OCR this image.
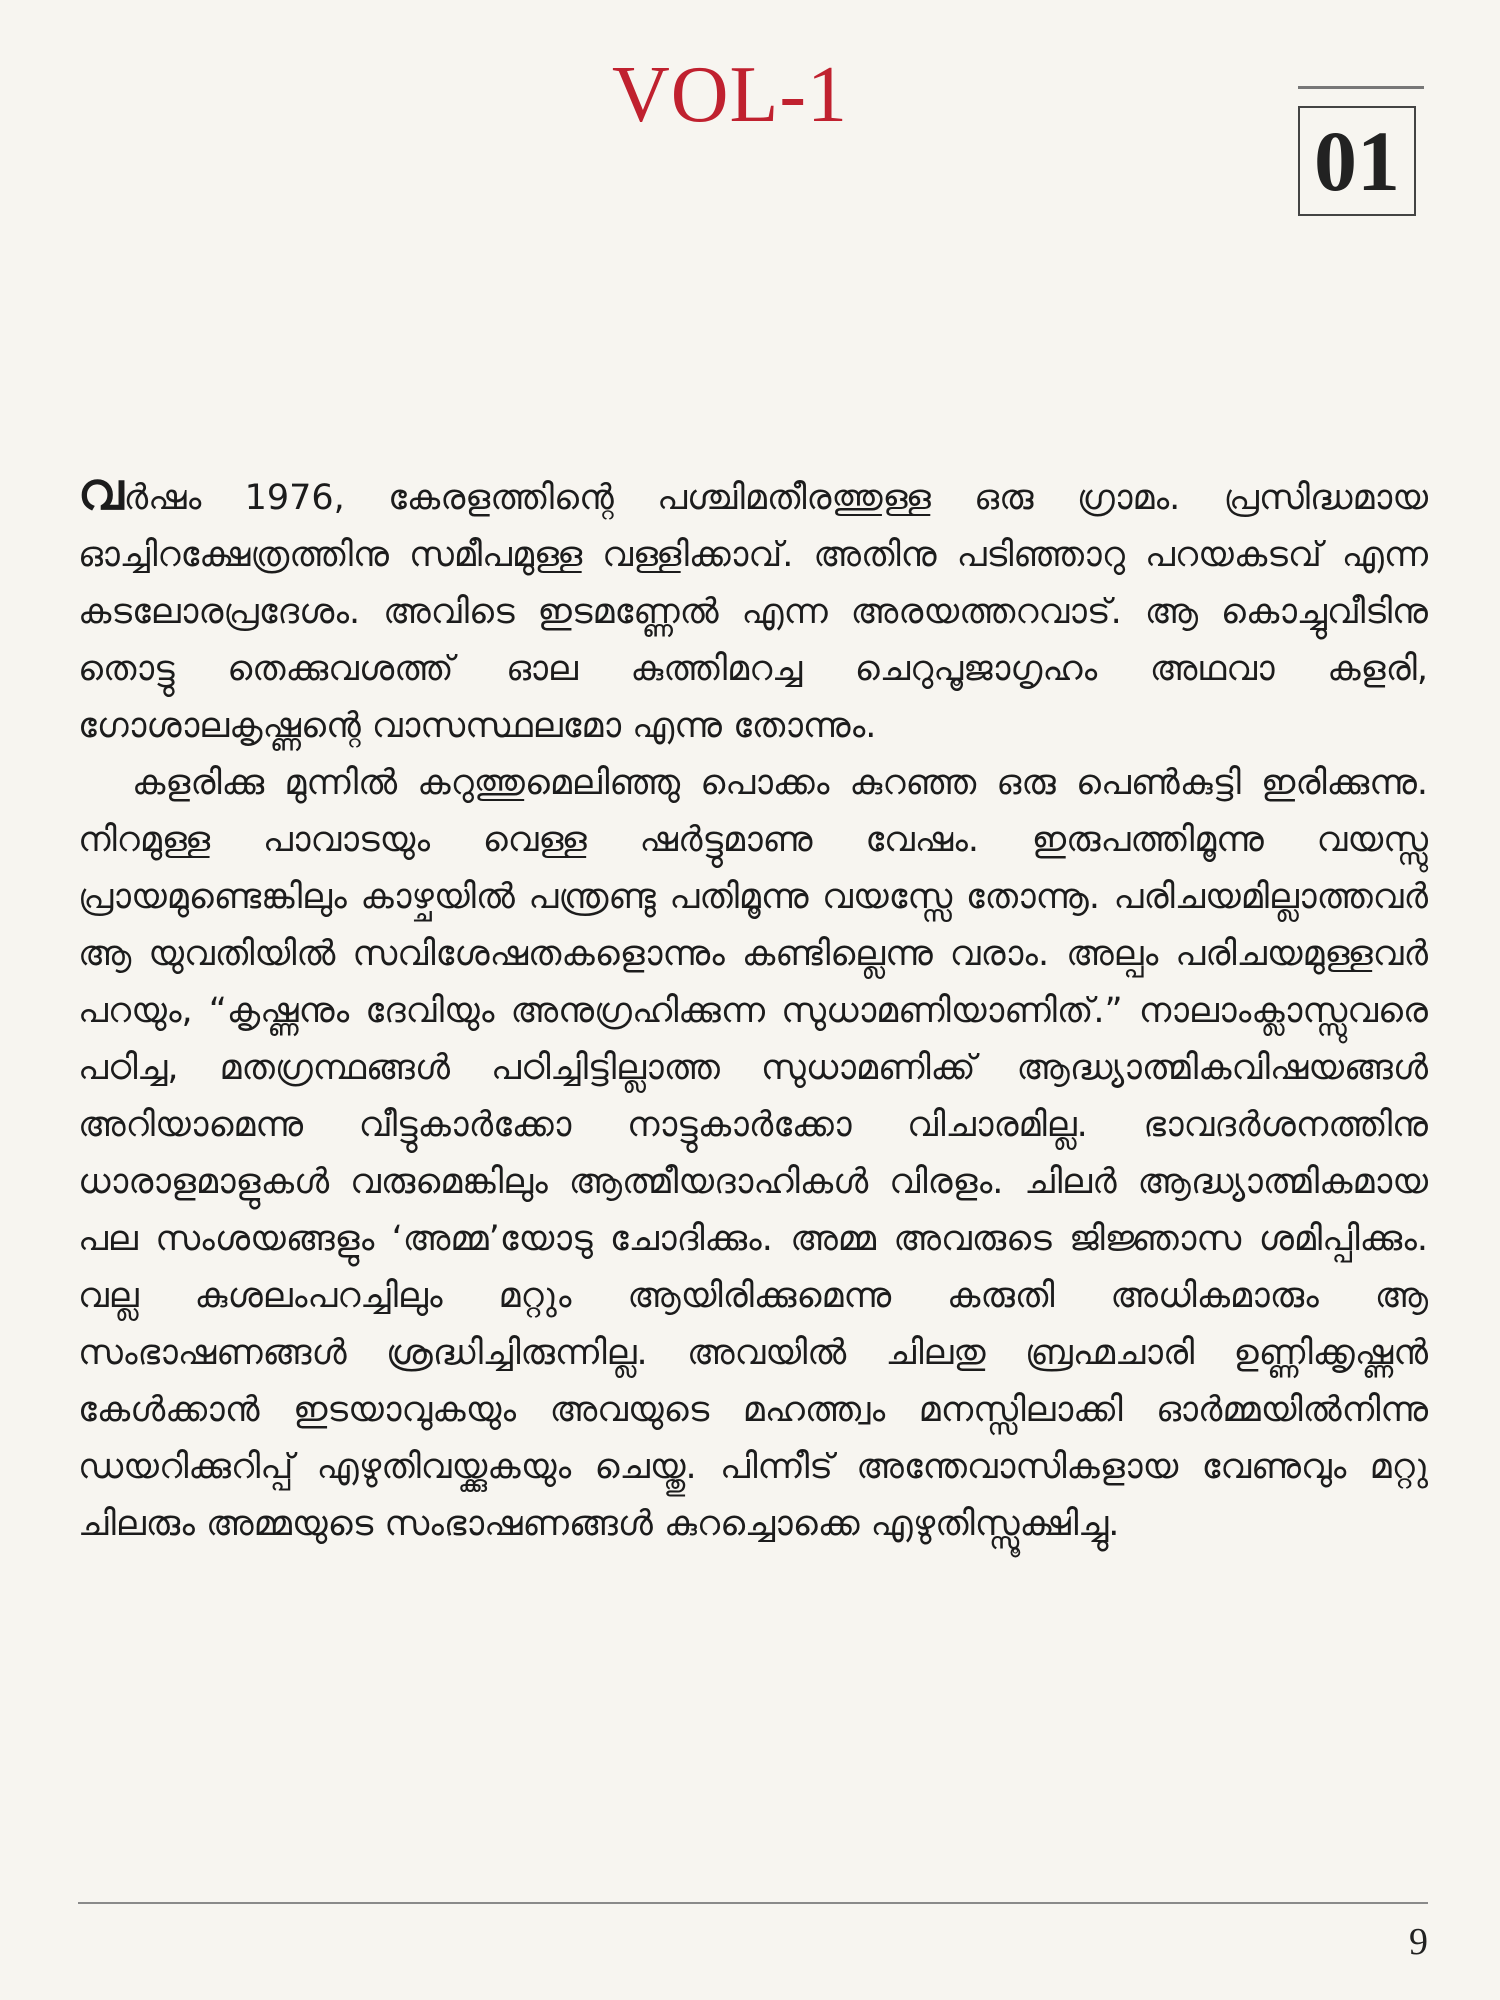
VOL-1
01

വർഷം 1976, കേരളത്തിന്റെ പശ്ചിമതീരത്തുള്ള ഒരു ഗ്രാമം. പ്രസിദ്ധമായ ഓച്ചിറക്ഷേത്രത്തിനു സമീപമുള്ള വള്ളിക്കാവ്. അതിനു പടിഞ്ഞാറു പറയകടവ് എന്ന കടലോരപ്രദേശം. അവിടെ ഇടമണ്ണേൽ എന്ന അരയത്തറവാട്. ആ കൊച്ചുവീടിനു തൊട്ടു തെക്കുവശത്ത് ഓല കുത്തിമറച്ച ചെറുപൂജാഗൃഹം അഥവാ കളരി, ഗോശാലകൃഷ്ണന്റെ വാസസ്ഥലമോ എന്നു തോന്നും.

കളരിക്കു മുന്നിൽ കറുത്തുമെലിഞ്ഞു പൊക്കം കുറഞ്ഞ ഒരു പെൺകുട്ടി ഇരിക്കുന്നു. നിറമുള്ള പാവാടയും വെള്ള ഷർട്ടുമാണു വേഷം. ഇരുപത്തിമൂന്നു വയസ്സു പ്രായമുണ്ടെങ്കിലും കാഴ്ചയിൽ പന്ത്രണ്ടു പതിമൂന്നു വയസ്സേ തോന്നൂ. പരിചയമില്ലാത്തവർ ആ യുവതിയിൽ സവിശേഷതകളൊന്നും കണ്ടില്ലെന്നു വരാം. അല്പം പരിചയമുള്ളവർ പറയും, “കൃഷ്ണനും ദേവിയും അനുഗ്രഹിക്കുന്ന സുധാമണിയാണിത്.” നാലാംക്ലാസ്സുവരെ പഠിച്ച, മതഗ്രന്ഥങ്ങൾ പഠിച്ചിട്ടില്ലാത്ത സുധാമണിക്ക് ആദ്ധ്യാത്മികവിഷയങ്ങൾ അറിയാമെന്നു വീട്ടുകാർക്കോ നാട്ടുകാർക്കോ വിചാരമില്ല. ഭാവദർശനത്തിനു ധാരാളമാളുകൾ വരുമെങ്കിലും ആത്മീയദാഹികൾ വിരളം. ചിലർ ആദ്ധ്യാത്മികമായ പല സംശയങ്ങളും ‘അമ്മ’യോടു ചോദിക്കും. അമ്മ അവരുടെ ജിജ്ഞാസ ശമിപ്പിക്കും. വല്ല കുശലംപറച്ചിലും മറ്റും ആയിരിക്കുമെന്നു കരുതി അധികമാരും ആ സംഭാഷണങ്ങൾ ശ്രദ്ധിച്ചിരുന്നില്ല. അവയിൽ ചിലതു ബ്രഹ്മചാരി ഉണ്ണിക്കൃഷ്ണൻ കേൾക്കാൻ ഇടയാവുകയും അവയുടെ മഹത്ത്വം മനസ്സിലാക്കി ഓർമ്മയിൽനിന്നു ഡയറിക്കുറിപ്പ് എഴുതിവയ്ക്കുകയും ചെയ്തു. പിന്നീട് അന്തേവാസികളായ വേണുവും മറ്റു ചിലരും അമ്മയുടെ സംഭാഷണങ്ങൾ കുറച്ചൊക്കെ എഴുതിസ്സൂക്ഷിച്ചു.

9
